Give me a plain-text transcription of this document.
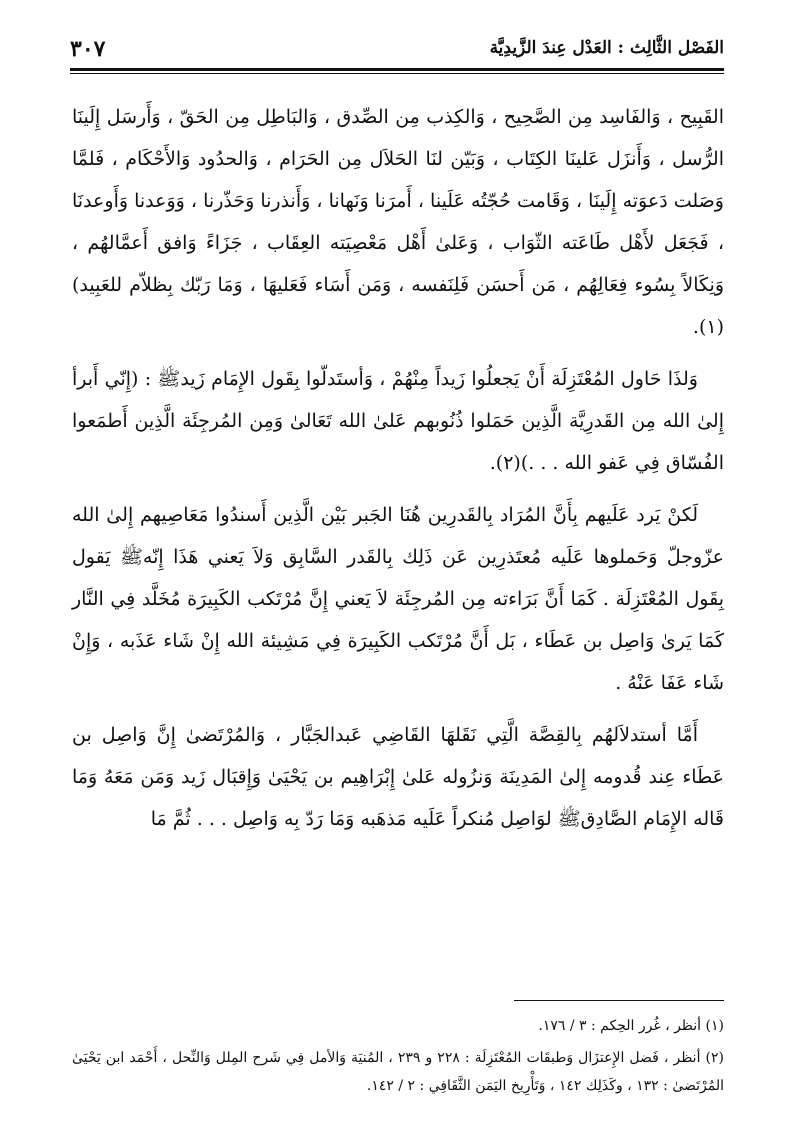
الفَصْل الثَّالِث : العَدْل عِندَ الزَّيدِيَّة
٣٠٧

القَبِيح ، وَالفَاسِد مِن الصَّحِيح ، وَالكِذب مِن الصِّدق ، وَالبَاطِل مِن الحَقّ ، وَأَرسَل إِلَينَا الرُّسل ، وَأَنزَل عَلينَا الكِتَاب ، وَبَيّن لنَا الحَلاَل مِن الحَرَام ، وَالحدُود وَالأَحْكَام ، فَلمَّا وَصَلت دَعوَته إِلَينَا ، وَقَامت حُجّتُه عَلَينا ، أَمرَنا وَنَهانا ، وَأَنذرنا وَحَذّرنا ، وَوَعدنا وَأَوعدنَا ، فَجَعَل لأَهْل طَاعَته الثّوَاب ، وَعَلىٰ أَهْل مَعْصِيَته العِقَاب ، جَزَاءً وَافق أَعمَّالهُم ، وَنِكَالاً بِسُوء فِعَالِهُم ، مَن أَحسَن فَلِنَفسه ، وَمَن أَسَاء فَعَليهَا ، وَمَا رَبّك بِظلاّم للعَبِيد)(١).

وَلذَا حَاول المُعْتَزِلَة أَنْ يَجعلُوا زَيداً مِنْهُمْ ، وَأستَدلّوا بِقَول الإِمَام زَيدﷺ : (إِنّي أَبرأ إِلىٰ الله مِن القَدرِيَّة الَّذِين حَمَلوا ذُنُوبهم عَلىٰ الله تَعَالىٰ وَمِن المُرجِئَة الَّذِين أَطمَعوا الفُسّاق فِي عَفو الله . . .)(٢).

لَكنْ يَرد عَلَيهم بِأَنَّ المُرَاد بِالقَدرِين هُنَا الجَبر بَيْن الَّذِين أَسندُوا مَعَاصِيهم إِلىٰ الله عزّوجلّ وَحَملوها عَلَيه مُعتَذرِين عَن ذَلِك بِالقَدر السَّابِق وَلاَ يَعني هَذَا إِنّهﷺ يَقول بِقَول المُعْتَزِلَة . كَمَا أَنَّ بَرَاءته مِن المُرجِئَة لاَ يَعني إِنَّ مُرْتَكب الكَبِيرَة مُخَلَّد فِي النَّار كَمَا يَرىٰ وَاصِل بن عَطَاء ، بَل أَنَّ مُرْتَكب الكَبِيرَة فِي مَشِيئة الله إِنْ شَاء عَذَبه ، وَإِنْ شَاء عَفَا عَنْهُ .

أَمَّا أستدلاَلهُم بِالقِصَّة الَّتِي نَقَلهَا القَاضِي عَبدالجَبَّار ، وَالمُرْتَضىٰ إِنَّ وَاصِل بن عَطَاء عِند قُدومه إِلىٰ المَدِينَة وَنزُوله عَلىٰ إِبْرَاهِيم بن يَحْيَىٰ وَإِقبَال زَيد وَمَن مَعَهُ وَمَا قَاله الإِمَام الصَّادِقﷺ لوَاصِل مُنكراً عَلَيه مَذهَبه وَمَا رَدّ بِه وَاصِل . . . ثُمَّ مَا

(١) أنظر ، غُرر الحِكم : ٣ / ١٧٦.

(٢) أنظر ، فَضل الإِعتزَال وَطبقَات المُعْتَزِلَة : ٢٢٨ و ٢٣٩ ، المُنيَة وَالأمل فِي شَرح المِلل وَالنِّحل ، أَحْمَد ابن يَحْيَىٰ المُرْتَضىٰ : ١٣٢ ، وكَذَلِك ١٤٢ ، وَتَأْرِيخ اليَمَن الثَّقَافِي : ٢ / ١٤٢.
